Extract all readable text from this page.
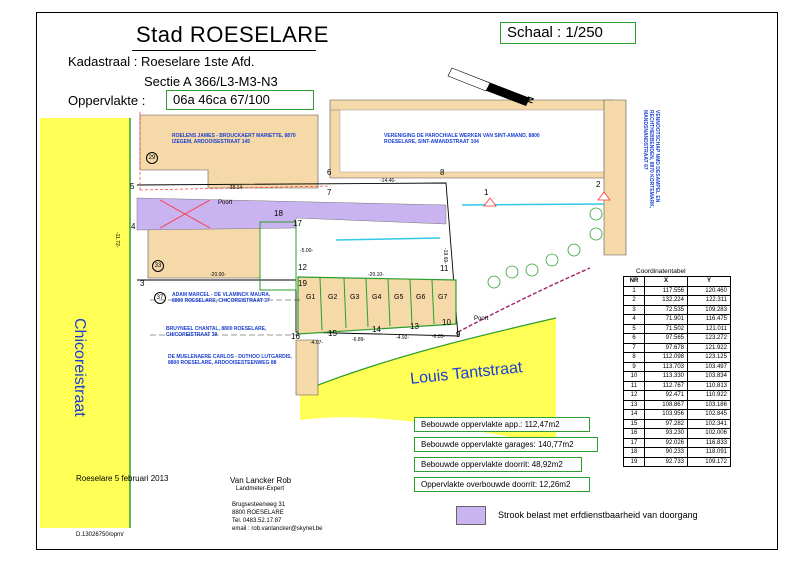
Stad ROESELARE	Schaal : 1/250
Kadastraal : Roeselare 1ste Afd.
Sectie A 366/L3-M3-N3
Oppervlakte :	06a 46ca 67/100	N
Chicoreistraat	Louis Tantstraat
ROELENS JAMES - BROUCKAERT MARIETTE, 8870 IZEGEM, ARDOOISESTRAAT 145
VERENIGING DE PAROCHIALE WERKEN VAN SINT-AMAND, 8800 ROESELARE, SINT-AMANDSTRAAT 104	VENNOOTSCHAP NMD DESAMPEL EN RECHTHEBBENDEN, 8870 KORTEMARK, MANDSNANDSTRAAT 67
ADAM MARCEL - DE VLAMINCK MAURA, 8800 ROESELARE, CHICOREISTRAAT 37
BRUYNEEL CHANTAL, 8800 ROESELARE, CHICOREISTRAAT 39
DE MUELENAERE CARLOS - DUTHOO LUTGARDIS, 8800 ROESELARE, ARDOOISESTEENWEG 88
29
33
37
Poort
Poort
G1 G2 G3 G4 G5 G6 G7
1
2
3
4
5
6
7
8
9
10
11
12
13
14
15
16
17
18
19
-38.14-
-14.46-
-20.00-	-20.10-
-19.69-
-11.72-
-4.07-	-6.89-	-4.92-	-6.85-
-5.00-
Coordinatentabel
NR	X	Y
1	117.556	120.460
2	132.224	122.311
3	72.535	109.283
4	71.901	116.475
5	71.502	121.011
6	97.565	123.272
7	97.678	121.922
8	112.098	123.125
9	113.703	103.497
10	113.330	103.834
11	112.767	110.813
12	92.471	110.922
13	108.867	103.186
14	103.956	102.845
15	97.282	102.341
16	93.230	102.006
17	92.026	116.833
18	90.233	118.091
19	92.733	109.172
Bebouwde oppervlakte app.: 112,47m2
Bebouwde oppervlakte garages: 140,77m2
Bebouwde oppervlakte doorrit: 48,92m2
Oppervlakte overbouwde doorrit: 12,26m2
Strook belast met erfdienstbaarheid van doorgang
Roeselare 5 februari 2013	Van Lancker Rob
Landmeter-Expert
Brugsesteenweg 31
8800 ROESELARE
Tel. 0483.52.17.87
email : rob.vanlancker@skynet.be
D.13026750/opm/
